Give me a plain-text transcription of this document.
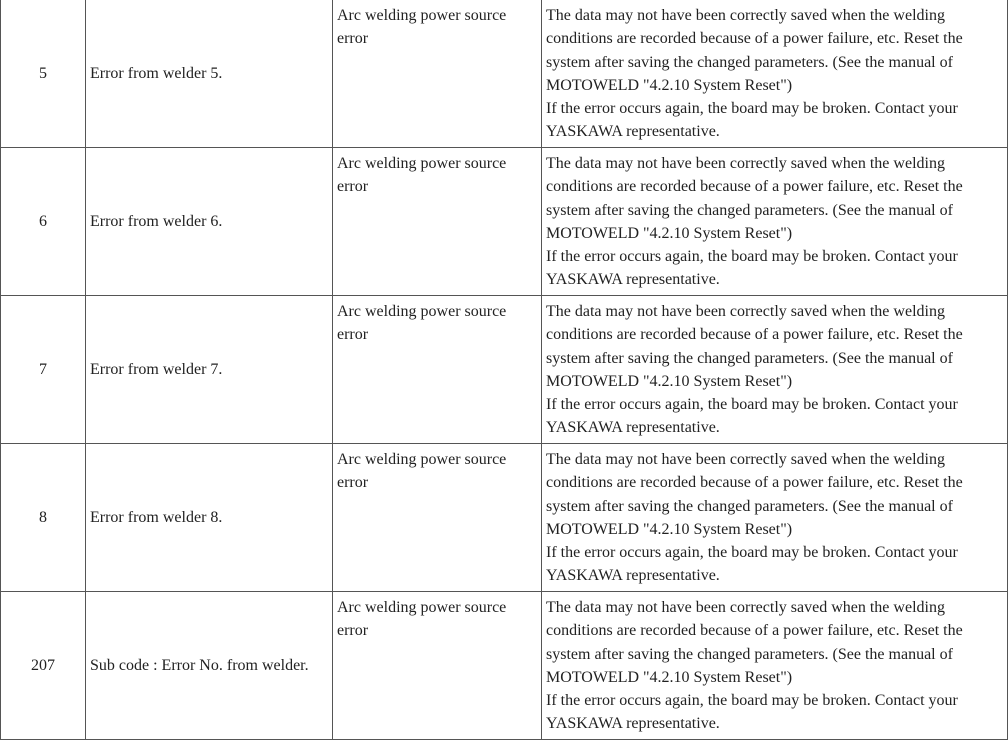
5	Error from welder 5.	Arc welding power source error	The data may not have been correctly saved when the welding conditions are recorded because of a power failure, etc. Reset the system after saving the changed parameters. (See the manual of MOTOWELD "4.2.10 System Reset")
If the error occurs again, the board may be broken. Contact your YASKAWA representative.

6	Error from welder 6.	Arc welding power source error	The data may not have been correctly saved when the welding conditions are recorded because of a power failure, etc. Reset the system after saving the changed parameters. (See the manual of MOTOWELD "4.2.10 System Reset")
If the error occurs again, the board may be broken. Contact your YASKAWA representative.

7	Error from welder 7.	Arc welding power source error	The data may not have been correctly saved when the welding conditions are recorded because of a power failure, etc. Reset the system after saving the changed parameters. (See the manual of MOTOWELD "4.2.10 System Reset")
If the error occurs again, the board may be broken. Contact your YASKAWA representative.

8	Error from welder 8.	Arc welding power source error	The data may not have been correctly saved when the welding conditions are recorded because of a power failure, etc. Reset the system after saving the changed parameters. (See the manual of MOTOWELD "4.2.10 System Reset")
If the error occurs again, the board may be broken. Contact your YASKAWA representative.

207	Sub code : Error No. from welder.	Arc welding power source error	The data may not have been correctly saved when the welding conditions are recorded because of a power failure, etc. Reset the system after saving the changed parameters. (See the manual of MOTOWELD "4.2.10 System Reset")
If the error occurs again, the board may be broken. Contact your YASKAWA representative.
